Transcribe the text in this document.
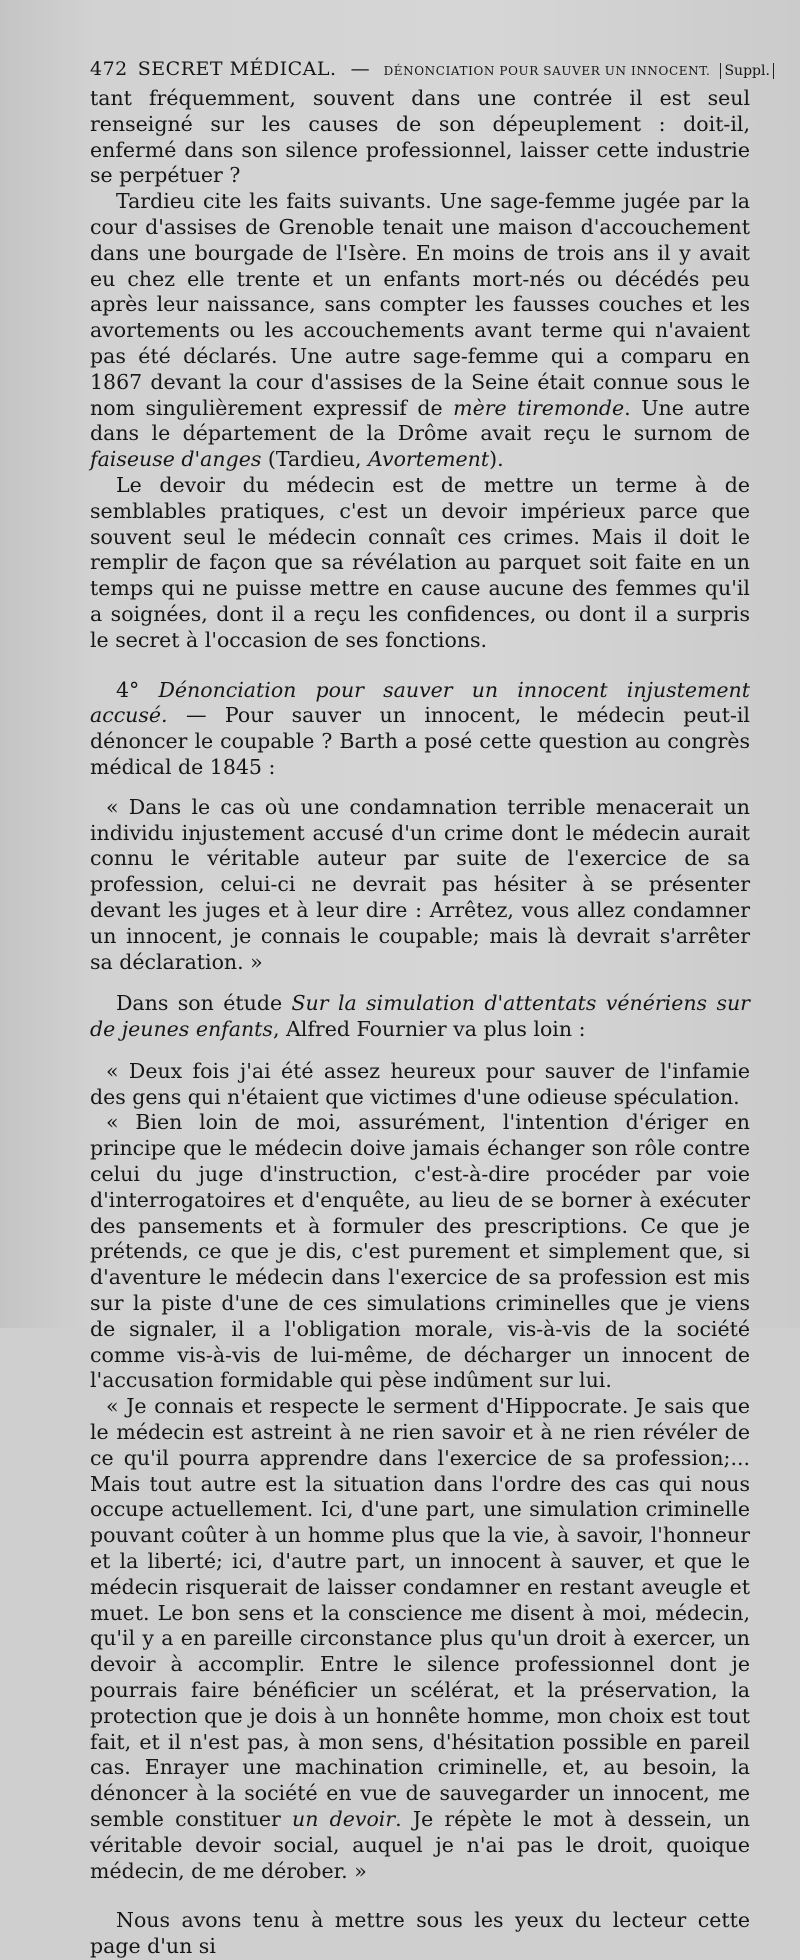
472 SECRET MÉDICAL. — DÉNONCIATION POUR SAUVER UN INNOCENT. Suppl.

tant fréquemment, souvent dans une contrée il est seul renseigné sur les causes de son dépeuplement : doit-il, enfermé dans son silence professionnel, laisser cette industrie se perpétuer ?

Tardieu cite les faits suivants. Une sage-femme jugée par la cour d'assises de Grenoble tenait une maison d'accouchement dans une bourgade de l'Isère. En moins de trois ans il y avait eu chez elle trente et un enfants mort-nés ou décédés peu après leur naissance, sans compter les fausses couches et les avortements ou les accouchements avant terme qui n'avaient pas été déclarés. Une autre sage-femme qui a comparu en 1867 devant la cour d'assises de la Seine était connue sous le nom singulièrement expressif de mère tiremonde. Une autre dans le département de la Drôme avait reçu le surnom de faiseuse d'anges (Tardieu, Avortement).

Le devoir du médecin est de mettre un terme à de semblables pratiques, c'est un devoir impérieux parce que souvent seul le médecin connaît ces crimes. Mais il doit le remplir de façon que sa révélation au parquet soit faite en un temps qui ne puisse mettre en cause aucune des femmes qu'il a soignées, dont il a reçu les confidences, ou dont il a surpris le secret à l'occasion de ses fonctions.

4° Dénonciation pour sauver un innocent injustement accusé. — Pour sauver un innocent, le médecin peut-il dénoncer le coupable ? Barth a posé cette question au congrès médical de 1845 :

« Dans le cas où une condamnation terrible menacerait un individu injustement accusé d'un crime dont le médecin aurait connu le véritable auteur par suite de l'exercice de sa profession, celui-ci ne devrait pas hésiter à se présenter devant les juges et à leur dire : Arrêtez, vous allez condamner un innocent, je connais le coupable; mais là devrait s'arrêter sa déclaration. »

Dans son étude Sur la simulation d'attentats vénériens sur de jeunes enfants, Alfred Fournier va plus loin :

« Deux fois j'ai été assez heureux pour sauver de l'infamie des gens qui n'étaient que victimes d'une odieuse spéculation.

« Bien loin de moi, assurément, l'intention d'ériger en principe que le médecin doive jamais échanger son rôle contre celui du juge d'instruction, c'est-à-dire procéder par voie d'interrogatoires et d'enquête, au lieu de se borner à exécuter des pansements et à formuler des prescriptions. Ce que je prétends, ce que je dis, c'est purement et simplement que, si d'aventure le médecin dans l'exercice de sa profession est mis sur la piste d'une de ces simulations criminelles que je viens de signaler, il a l'obligation morale, vis-à-vis de la société comme vis-à-vis de lui-même, de décharger un innocent de l'accusation formidable qui pèse indûment sur lui.

« Je connais et respecte le serment d'Hippocrate. Je sais que le médecin est astreint à ne rien savoir et à ne rien révéler de ce qu'il pourra apprendre dans l'exercice de sa profession;... Mais tout autre est la situation dans l'ordre des cas qui nous occupe actuellement. Ici, d'une part, une simulation criminelle pouvant coûter à un homme plus que la vie, à savoir, l'honneur et la liberté; ici, d'autre part, un innocent à sauver, et que le médecin risquerait de laisser condamner en restant aveugle et muet. Le bon sens et la conscience me disent à moi, médecin, qu'il y a en pareille circonstance plus qu'un droit à exercer, un devoir à accomplir. Entre le silence professionnel dont je pourrais faire bénéficier un scélérat, et la préservation, la protection que je dois à un honnête homme, mon choix est tout fait, et il n'est pas, à mon sens, d'hésitation possible en pareil cas. Enrayer une machination criminelle, et, au besoin, la dénoncer à la société en vue de sauvegarder un innocent, me semble constituer un devoir. Je répète le mot à dessein, un véritable devoir social, auquel je n'ai pas le droit, quoique médecin, de me dérober. »

Nous avons tenu à mettre sous les yeux du lecteur cette page d'un si
